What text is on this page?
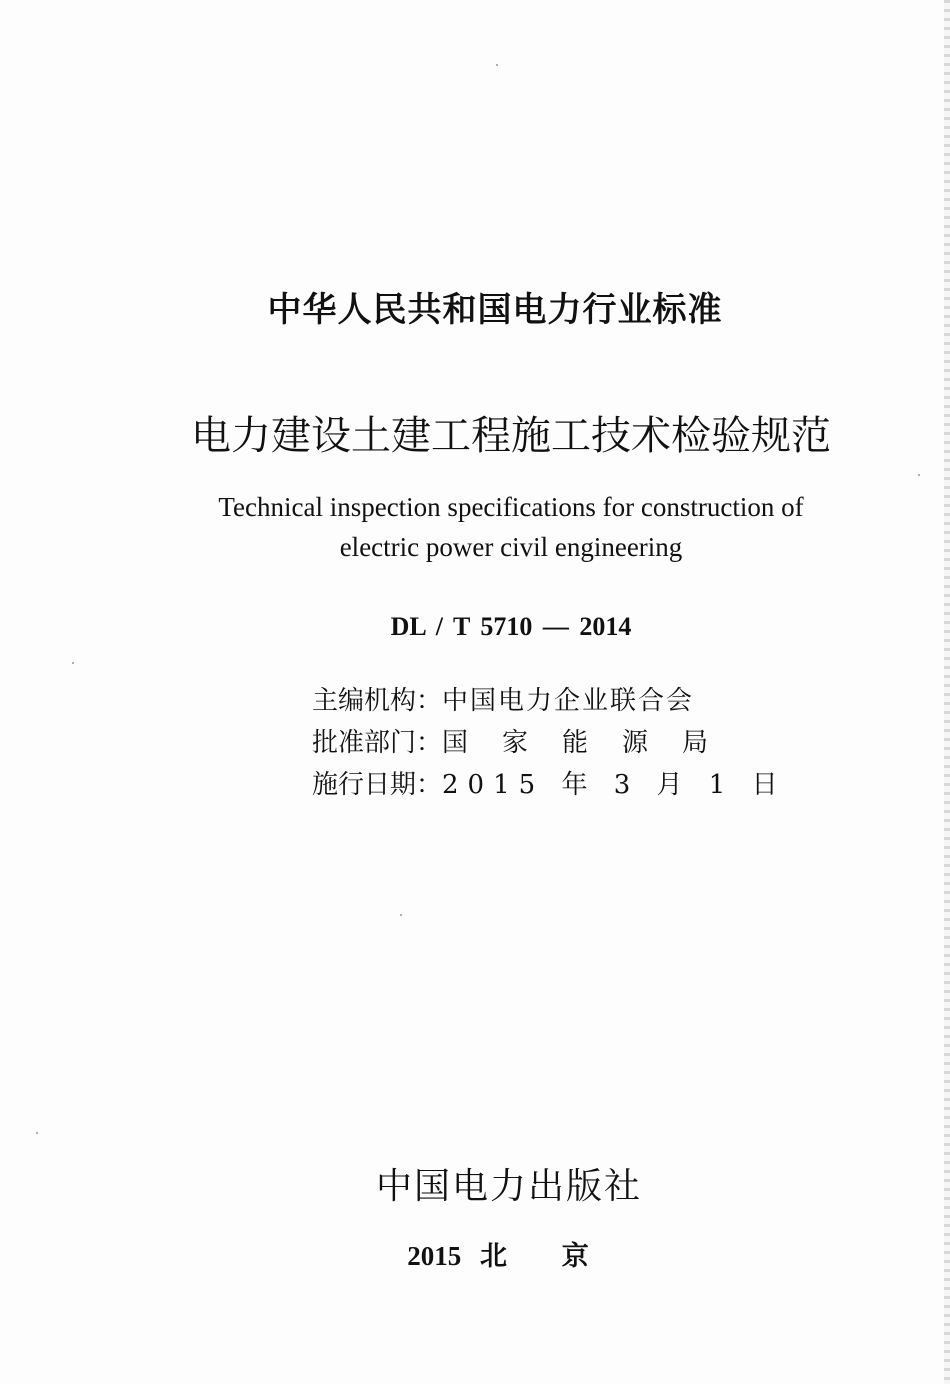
中华人民共和国电力行业标准
电力建设土建工程施工技术检验规范
Technical inspection specifications for construction of
electric power civil engineering
DL / T 5710 — 2014
主编机构：中国电力企业联合会
批准部门：国家能源局
施行日期：2015 年 3 月 1 日
中国电力出版社
2015 北 京
